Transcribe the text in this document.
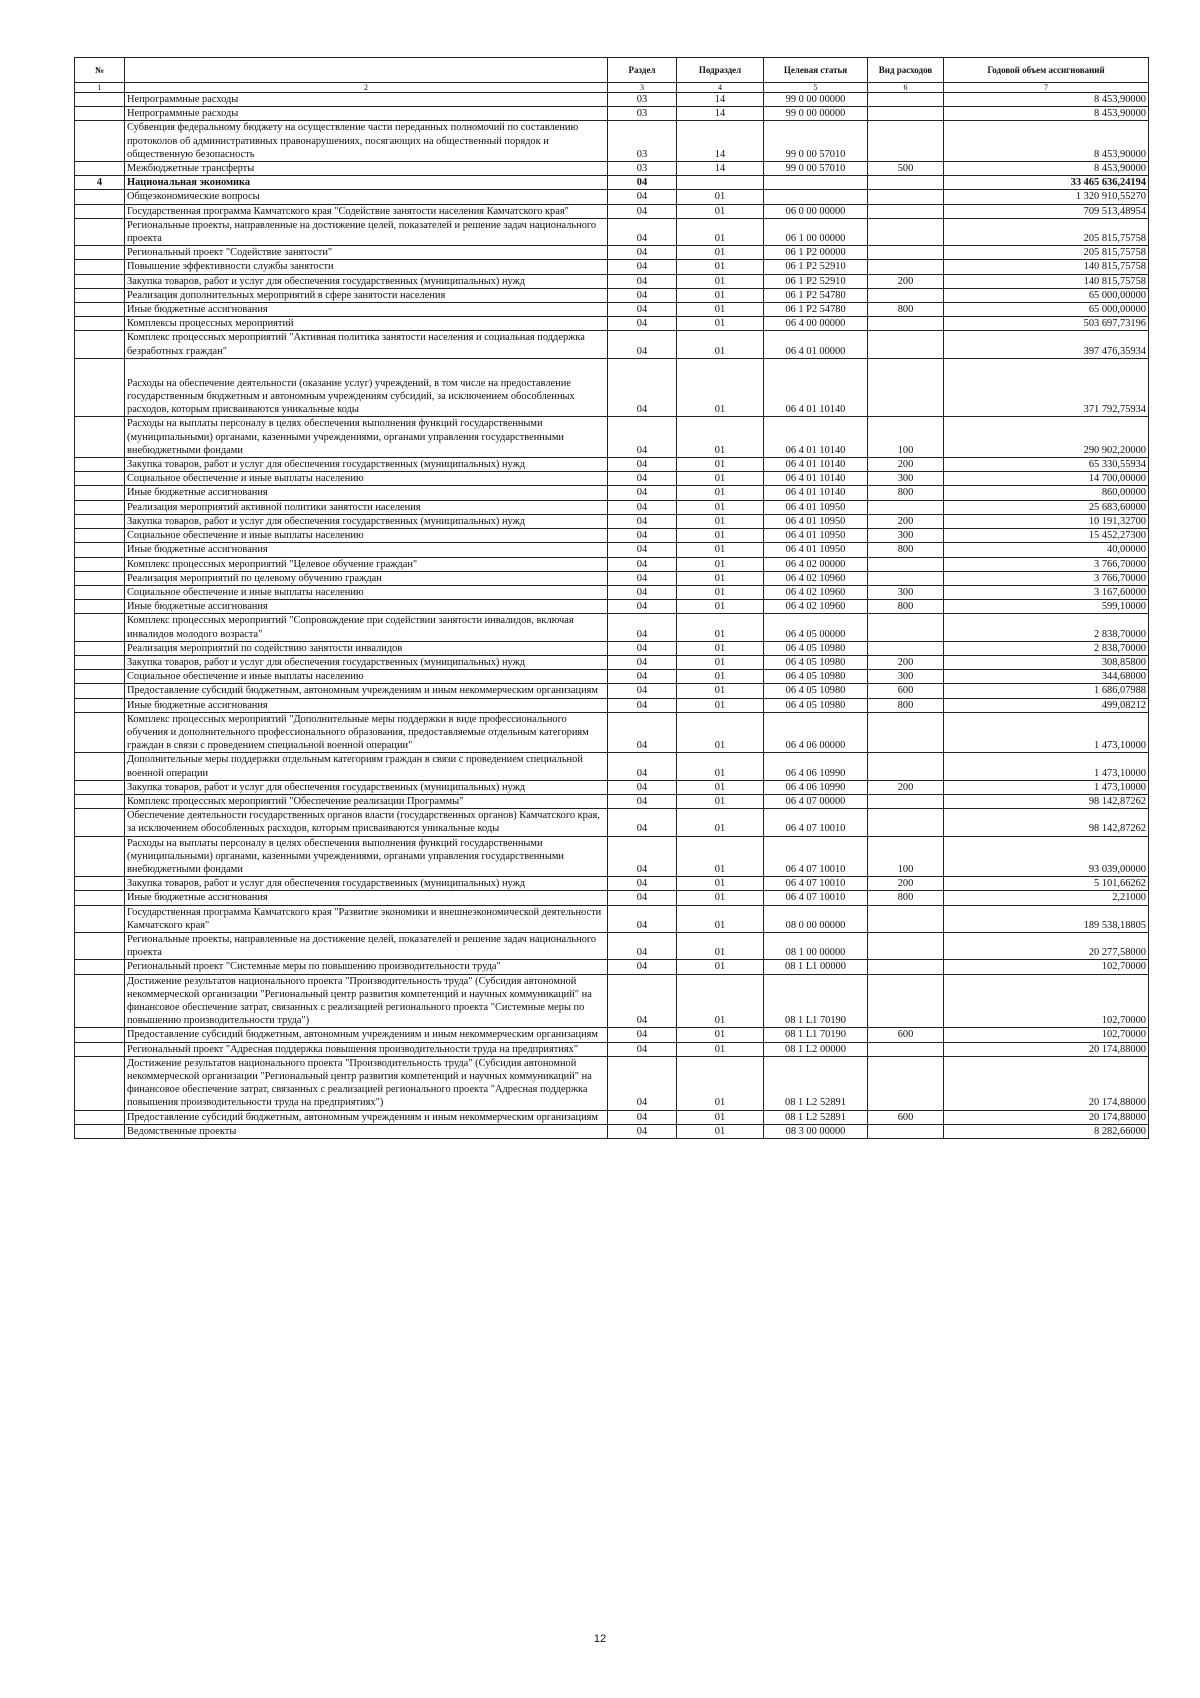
№		Раздел	Подраздел	Целевая статья	Вид расходов	Годовой объем ассигнований
1	2	3	4	5	6	7
	Непрограммные расходы	03	14	99 0 00 00000		8 453,90000
	Непрограммные расходы	03	14	99 0 00 00000		8 453,90000
	Субвенция федеральному бюджету на осуществление части переданных полномочий по составлению протоколов об административных правонарушениях, посягающих на общественный порядок и общественную безопасность	03	14	99 0 00 57010		8 453,90000
	Межбюджетные трансферты	03	14	99 0 00 57010	500	8 453,90000
4	Национальная экономика	04				33 465 636,24194
	Общеэкономические вопросы	04	01			1 320 910,55270
	Государственная программа Камчатского края "Содействие занятости населения Камчатского края"	04	01	06 0 00 00000		709 513,48954
	Региональные проекты, направленные на достижение целей, показателей и решение задач национального проекта	04	01	06 1 00 00000		205 815,75758
	Региональный проект "Содействие занятости"	04	01	06 1 P2 00000		205 815,75758
	Повышение эффективности службы занятости	04	01	06 1 P2 52910		140 815,75758
	Закупка товаров, работ и услуг для обеспечения государственных (муниципальных) нужд	04	01	06 1 P2 52910	200	140 815,75758
	Реализация дополнительных мероприятий в сфере занятости населения	04	01	06 1 P2 54780		65 000,00000
	Иные бюджетные ассигнования	04	01	06 1 P2 54780	800	65 000,00000
	Комплексы процессных мероприятий	04	01	06 4 00 00000		503 697,73196
	Комплекс процессных мероприятий "Активная политика занятости населения и социальная поддержка безработных граждан"	04	01	06 4 01 00000		397 476,35934
	Расходы на обеспечение деятельности (оказание услуг) учреждений, в том числе на предоставление государственным бюджетным и автономным учреждениям субсидий, за исключением обособленных расходов, которым присваиваются уникальные коды	04	01	06 4 01 10140		371 792,75934
	Расходы на выплаты персоналу в целях обеспечения выполнения функций государственными (муниципальными) органами, казенными учреждениями, органами управления государственными внебюджетными фондами	04	01	06 4 01 10140	100	290 902,20000
	Закупка товаров, работ и услуг для обеспечения государственных (муниципальных) нужд	04	01	06 4 01 10140	200	65 330,55934
	Социальное обеспечение и иные выплаты населению	04	01	06 4 01 10140	300	14 700,00000
	Иные бюджетные ассигнования	04	01	06 4 01 10140	800	860,00000
	Реализация мероприятий активной политики занятости населения	04	01	06 4 01 10950		25 683,60000
	Закупка товаров, работ и услуг для обеспечения государственных (муниципальных) нужд	04	01	06 4 01 10950	200	10 191,32700
	Социальное обеспечение и иные выплаты населению	04	01	06 4 01 10950	300	15 452,27300
	Иные бюджетные ассигнования	04	01	06 4 01 10950	800	40,00000
	Комплекс процессных мероприятий "Целевое обучение граждан"	04	01	06 4 02 00000		3 766,70000
	Реализация мероприятий по целевому обучению граждан	04	01	06 4 02 10960		3 766,70000
	Социальное обеспечение и иные выплаты населению	04	01	06 4 02 10960	300	3 167,60000
	Иные бюджетные ассигнования	04	01	06 4 02 10960	800	599,10000
	Комплекс процессных мероприятий "Сопровождение при содействии занятости инвалидов, включая инвалидов молодого возраста"	04	01	06 4 05 00000		2 838,70000
	Реализация мероприятий по содействию занятости инвалидов	04	01	06 4 05 10980		2 838,70000
	Закупка товаров, работ и услуг для обеспечения государственных (муниципальных) нужд	04	01	06 4 05 10980	200	308,85800
	Социальное обеспечение и иные выплаты населению	04	01	06 4 05 10980	300	344,68000
	Предоставление субсидий бюджетным, автономным учреждениям и иным некоммерческим организациям	04	01	06 4 05 10980	600	1 686,07988
	Иные бюджетные ассигнования	04	01	06 4 05 10980	800	499,08212
	Комплекс процессных мероприятий "Дополнительные меры поддержки в виде профессионального обучения и дополнительного профессионального образования, предоставляемые отдельным категориям граждан в связи с проведением специальной военной операции"	04	01	06 4 06 00000		1 473,10000
	Дополнительные меры поддержки отдельным категориям граждан в связи с проведением специальной военной операции	04	01	06 4 06 10990		1 473,10000
	Закупка товаров, работ и услуг для обеспечения государственных (муниципальных) нужд	04	01	06 4 06 10990	200	1 473,10000
	Комплекс процессных мероприятий "Обеспечение реализации Программы"	04	01	06 4 07 00000		98 142,87262
	Обеспечение деятельности государственных органов власти (государственных органов) Камчатского края, за исключением обособленных расходов, которым присваиваются уникальные коды	04	01	06 4 07 10010		98 142,87262
	Расходы на выплаты персоналу в целях обеспечения выполнения функций государственными (муниципальными) органами, казенными учреждениями, органами управления государственными внебюджетными фондами	04	01	06 4 07 10010	100	93 039,00000
	Закупка товаров, работ и услуг для обеспечения государственных (муниципальных) нужд	04	01	06 4 07 10010	200	5 101,66262
	Иные бюджетные ассигнования	04	01	06 4 07 10010	800	2,21000
	Государственная программа Камчатского края "Развитие экономики и внешнеэкономической деятельности Камчатского края"	04	01	08 0 00 00000		189 538,18805
	Региональные проекты, направленные на достижение целей, показателей и решение задач национального проекта	04	01	08 1 00 00000		20 277,58000
	Региональный проект "Системные меры по повышению производительности труда"	04	01	08 1 L1 00000		102,70000
	Достижение результатов национального проекта "Производительность труда" (Субсидия автономной некоммерческой организации "Региональный центр развития компетенций и научных коммуникаций" на финансовое обеспечение затрат, связанных с реализацией регионального проекта "Системные меры по повышению производительности труда")	04	01	08 1 L1 70190		102,70000
	Предоставление субсидий бюджетным, автономным учреждениям и иным некоммерческим организациям	04	01	08 1 L1 70190	600	102,70000
	Региональный проект "Адресная поддержка повышения производительности труда на предприятиях"	04	01	08 1 L2 00000		20 174,88000
	Достижение результатов национального проекта "Производительность труда" (Субсидия автономной некоммерческой организации "Региональный центр развития компетенций и научных коммуникаций" на финансовое обеспечение затрат, связанных с реализацией регионального проекта "Адресная поддержка повышения производительности труда на предприятиях")	04	01	08 1 L2 52891		20 174,88000
	Предоставление субсидий бюджетным, автономным учреждениям и иным некоммерческим организациям	04	01	08 1 L2 52891	600	20 174,88000
	Ведомственные проекты	04	01	08 3 00 00000		8 282,66000
12
